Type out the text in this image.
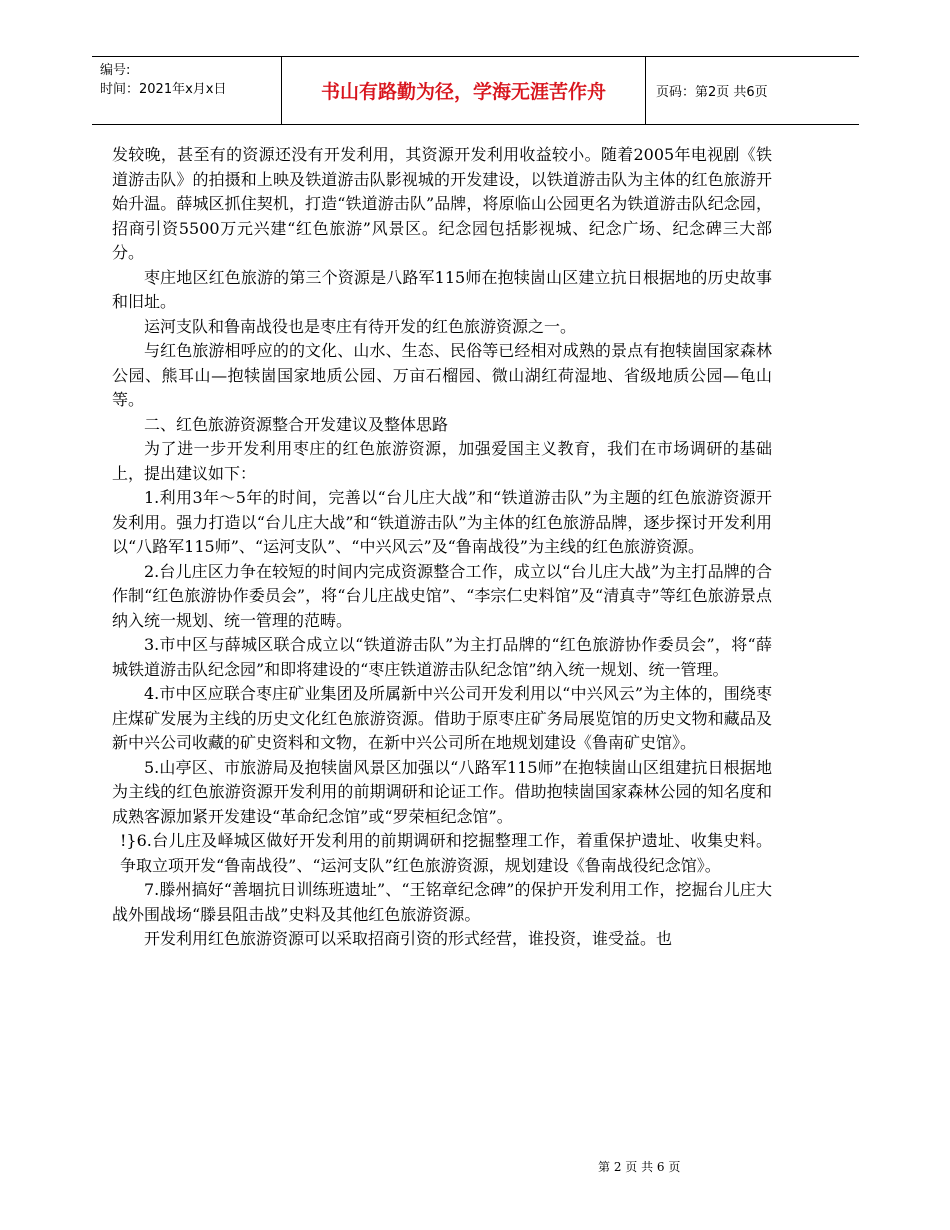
编号:
时间：2021年x月x日	书山有路勤为径，学海无涯苦作舟	页码：第2页 共6页

发较晚，甚至有的资源还没有开发利用，其资源开发利用收益较小。随着2005年电视剧《铁道游击队》的拍摄和上映及铁道游击队影视城的开发建设，以铁道游击队为主体的红色旅游开始升温。薛城区抓住契机，打造“铁道游击队”品牌，将原临山公园更名为铁道游击队纪念园，招商引资5500万元兴建“红色旅游”风景区。纪念园包括影视城、纪念广场、纪念碑三大部分。

枣庄地区红色旅游的第三个资源是八路军115师在抱犊崮山区建立抗日根据地的历史故事和旧址。

运河支队和鲁南战役也是枣庄有待开发的红色旅游资源之一。

与红色旅游相呼应的的文化、山水、生态、民俗等已经相对成熟的景点有抱犊崮国家森林公园、熊耳山—抱犊崮国家地质公园、万亩石榴园、微山湖红荷湿地、省级地质公园—龟山等。

二、红色旅游资源整合开发建议及整体思路

为了进一步开发利用枣庄的红色旅游资源，加强爱国主义教育，我们在市场调研的基础上，提出建议如下：

1.利用3年～5年的时间，完善以“台儿庄大战”和“铁道游击队”为主题的红色旅游资源开发利用。强力打造以“台儿庄大战”和“铁道游击队”为主体的红色旅游品牌，逐步探讨开发利用以“八路军115师”、“运河支队”、“中兴风云”及“鲁南战役”为主线的红色旅游资源。

2.台儿庄区力争在较短的时间内完成资源整合工作，成立以“台儿庄大战”为主打品牌的合作制“红色旅游协作委员会”，将“台儿庄战史馆”、“李宗仁史料馆”及“清真寺”等红色旅游景点纳入统一规划、统一管理的范畴。

3.市中区与薛城区联合成立以“铁道游击队”为主打品牌的“红色旅游协作委员会”，将“薛城铁道游击队纪念园”和即将建设的“枣庄铁道游击队纪念馆”纳入统一规划、统一管理。

4.市中区应联合枣庄矿业集团及所属新中兴公司开发利用以“中兴风云”为主体的，围绕枣庄煤矿发展为主线的历史文化红色旅游资源。借助于原枣庄矿务局展览馆的历史文物和藏品及新中兴公司收藏的矿史资料和文物，在新中兴公司所在地规划建设《鲁南矿史馆》。

5.山亭区、市旅游局及抱犊崮风景区加强以“八路军115师”在抱犊崮山区组建抗日根据地为主线的红色旅游资源开发利用的前期调研和论证工作。借助抱犊崮国家森林公园的知名度和成熟客源加紧开发建设“革命纪念馆”或“罗荣桓纪念馆”。

!}6.台儿庄及峄城区做好开发利用的前期调研和挖掘整理工作，着重保护遗址、收集史料。争取立项开发“鲁南战役”、“运河支队”红色旅游资源，规划建设《鲁南战役纪念馆》。

7.滕州搞好“善堌抗日训练班遗址”、“王铭章纪念碑”的保护开发利用工作，挖掘台儿庄大战外围战场“滕县阻击战”史料及其他红色旅游资源。

开发利用红色旅游资源可以采取招商引资的形式经营，谁投资，谁受益。也

第 2 页 共 6 页
